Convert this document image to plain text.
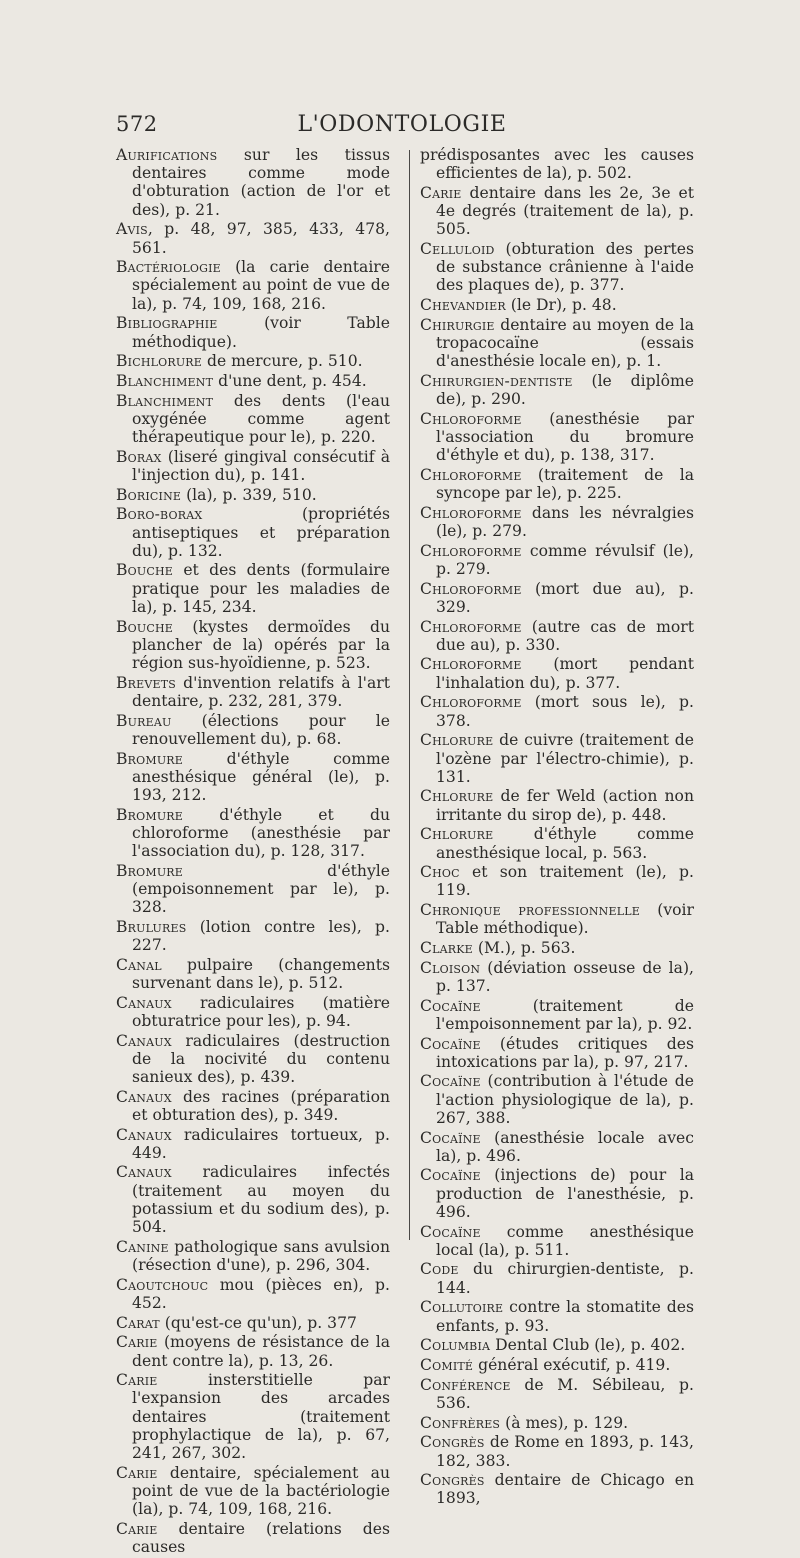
572	L'ODONTOLOGIE

Aurifications sur les tissus dentaires comme mode d'obturation (action de l'or et des), p. 21.

Avis, p. 48, 97, 385, 433, 478, 561.

Bactériologie (la carie dentaire spécialement au point de vue de la), p. 74, 109, 168, 216.

Bibliographie (voir Table méthodique).

Bichlorure de mercure, p. 510.

Blanchiment d'une dent, p. 454.

Blanchiment des dents (l'eau oxygénée comme agent thérapeutique pour le), p. 220.

Borax (liseré gingival consécutif à l'injection du), p. 141.

Boricine (la), p. 339, 510.

Boro-borax (propriétés antiseptiques et préparation du), p. 132.

Bouche et des dents (formulaire pratique pour les maladies de la), p. 145, 234.

Bouche (kystes dermoïdes du plancher de la) opérés par la région sus-hyoïdienne, p. 523.

Brevets d'invention relatifs à l'art dentaire, p. 232, 281, 379.

Bureau (élections pour le renouvellement du), p. 68.

Bromure d'éthyle comme anesthésique général (le), p. 193, 212.

Bromure d'éthyle et du chloroforme (anesthésie par l'association du), p. 128, 317.

Bromure d'éthyle (empoisonnement par le), p. 328.

Brulures (lotion contre les), p. 227.

Canal pulpaire (changements survenant dans le), p. 512.

Canaux radiculaires (matière obturatrice pour les), p. 94.

Canaux radiculaires (destruction de la nocivité du contenu sanieux des), p. 439.

Canaux des racines (préparation et obturation des), p. 349.

Canaux radiculaires tortueux, p. 449.

Canaux radiculaires infectés (traitement au moyen du potassium et du sodium des), p. 504.

Canine pathologique sans avulsion (résection d'une), p. 296, 304.

Caoutchouc mou (pièces en), p. 452.

Carat (qu'est-ce qu'un), p. 377

Carie (moyens de résistance de la dent contre la), p. 13, 26.

Carie insterstitielle par l'expansion des arcades dentaires (traitement prophylactique de la), p. 67, 241, 267, 302.

Carie dentaire, spécialement au point de vue de la bactériologie (la), p. 74, 109, 168, 216.

Carie dentaire (relations des causes

prédisposantes avec les causes efficientes de la), p. 502.

Carie dentaire dans les 2e, 3e et 4e degrés (traitement de la), p. 505.

Celluloid (obturation des pertes de substance crânienne à l'aide des plaques de), p. 377.

Chevandier (le Dr), p. 48.

Chirurgie dentaire au moyen de la tropacocaïne (essais d'anesthésie locale en), p. 1.

Chirurgien-dentiste (le diplôme de), p. 290.

Chloroforme (anesthésie par l'association du bromure d'éthyle et du), p. 138, 317.

Chloroforme (traitement de la syncope par le), p. 225.

Chloroforme dans les névralgies (le), p. 279.

Chloroforme comme révulsif (le), p. 279.

Chloroforme (mort due au), p. 329.

Chloroforme (autre cas de mort due au), p. 330.

Chloroforme (mort pendant l'inhalation du), p. 377.

Chloroforme (mort sous le), p. 378.

Chlorure de cuivre (traitement de l'ozène par l'électro-chimie), p. 131.

Chlorure de fer Weld (action non irritante du sirop de), p. 448.

Chlorure d'éthyle comme anesthésique local, p. 563.

Choc et son traitement (le), p. 119.

Chronique professionnelle (voir Table méthodique).

Clarke (M.), p. 563.

Cloison (déviation osseuse de la), p. 137.

Cocaïne (traitement de l'empoisonnement par la), p. 92.

Cocaïne (études critiques des intoxications par la), p. 97, 217.

Cocaïne (contribution à l'étude de l'action physiologique de la), p. 267, 388.

Cocaïne (anesthésie locale avec la), p. 496.

Cocaïne (injections de) pour la production de l'anesthésie, p. 496.

Cocaïne comme anesthésique local (la), p. 511.

Code du chirurgien-dentiste, p. 144.

Collutoire contre la stomatite des enfants, p. 93.

Columbia Dental Club (le), p. 402.

Comité général exécutif, p. 419.

Conférence de M. Sébileau, p. 536.

Confrères (à mes), p. 129.

Congrès de Rome en 1893, p. 143, 182, 383.

Congrès dentaire de Chicago en 1893,
